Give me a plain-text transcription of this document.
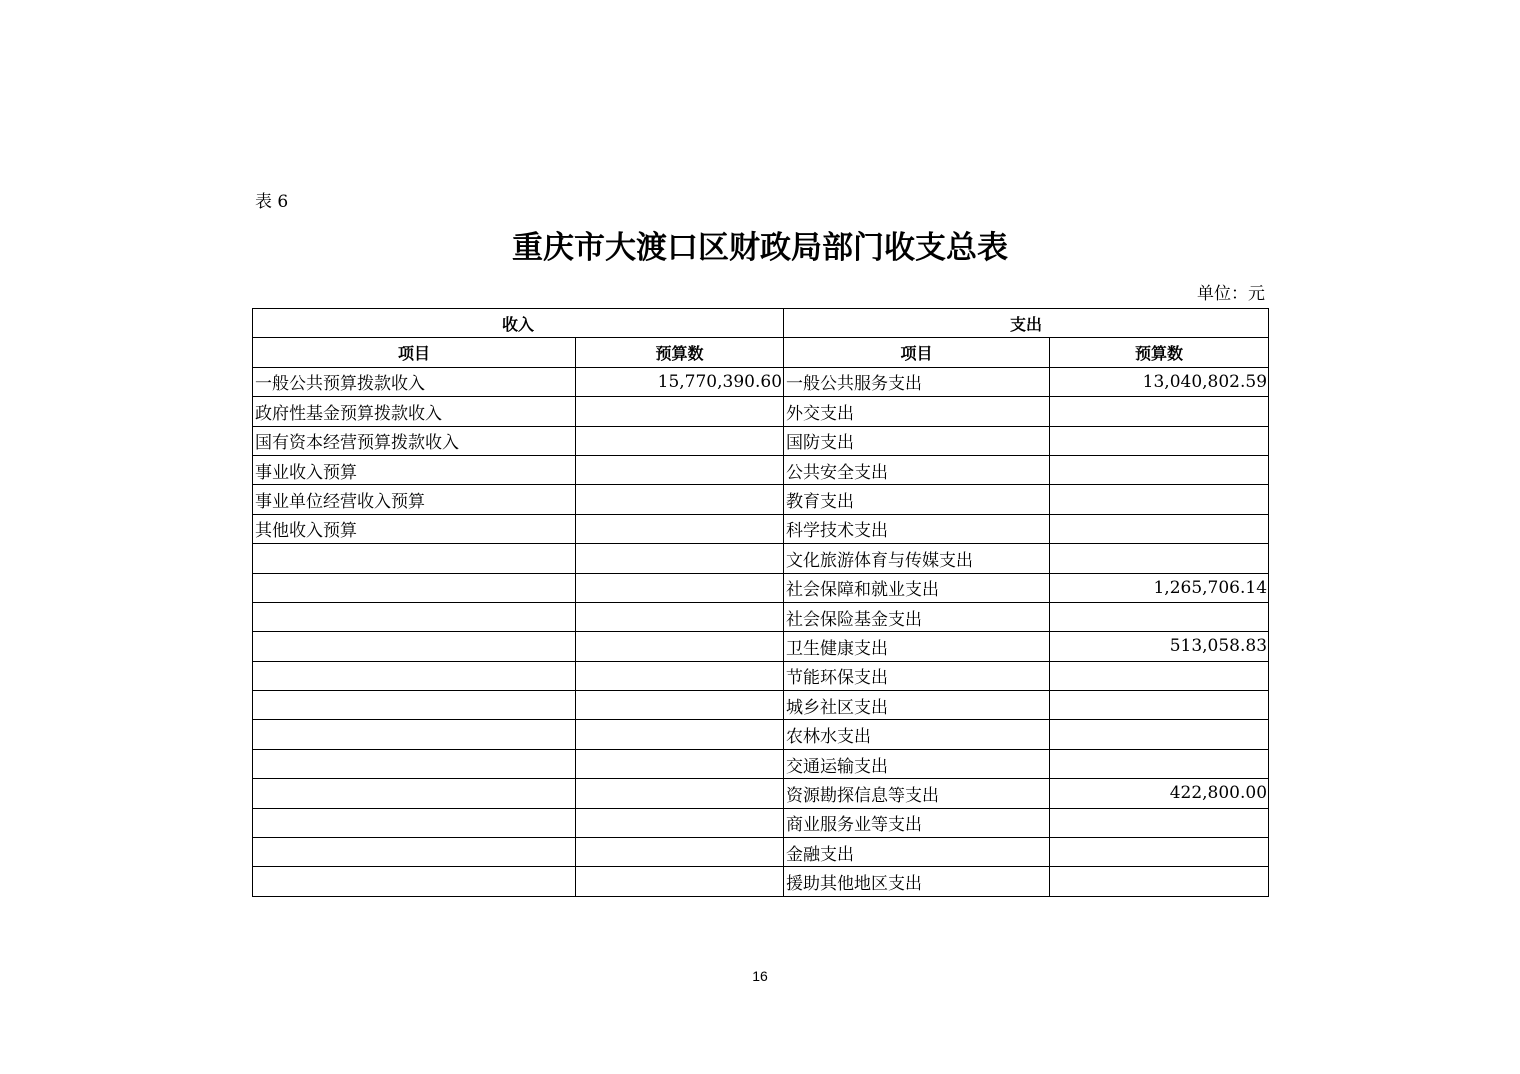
表 6
重庆市大渡口区财政局部门收支总表
单位：元
收入		支出	
项目	预算数	项目	预算数
一般公共预算拨款收入	15,770,390.60	一般公共服务支出	13,040,802.59
政府性基金预算拨款收入		外交支出	
国有资本经营预算拨款收入		国防支出	
事业收入预算		公共安全支出	
事业单位经营收入预算		教育支出	
其他收入预算		科学技术支出	
		文化旅游体育与传媒支出	
		社会保障和就业支出	1,265,706.14
		社会保险基金支出	
		卫生健康支出	513,058.83
		节能环保支出	
		城乡社区支出	
		农林水支出	
		交通运输支出	
		资源勘探信息等支出	422,800.00
		商业服务业等支出	
		金融支出	
		援助其他地区支出	
16
